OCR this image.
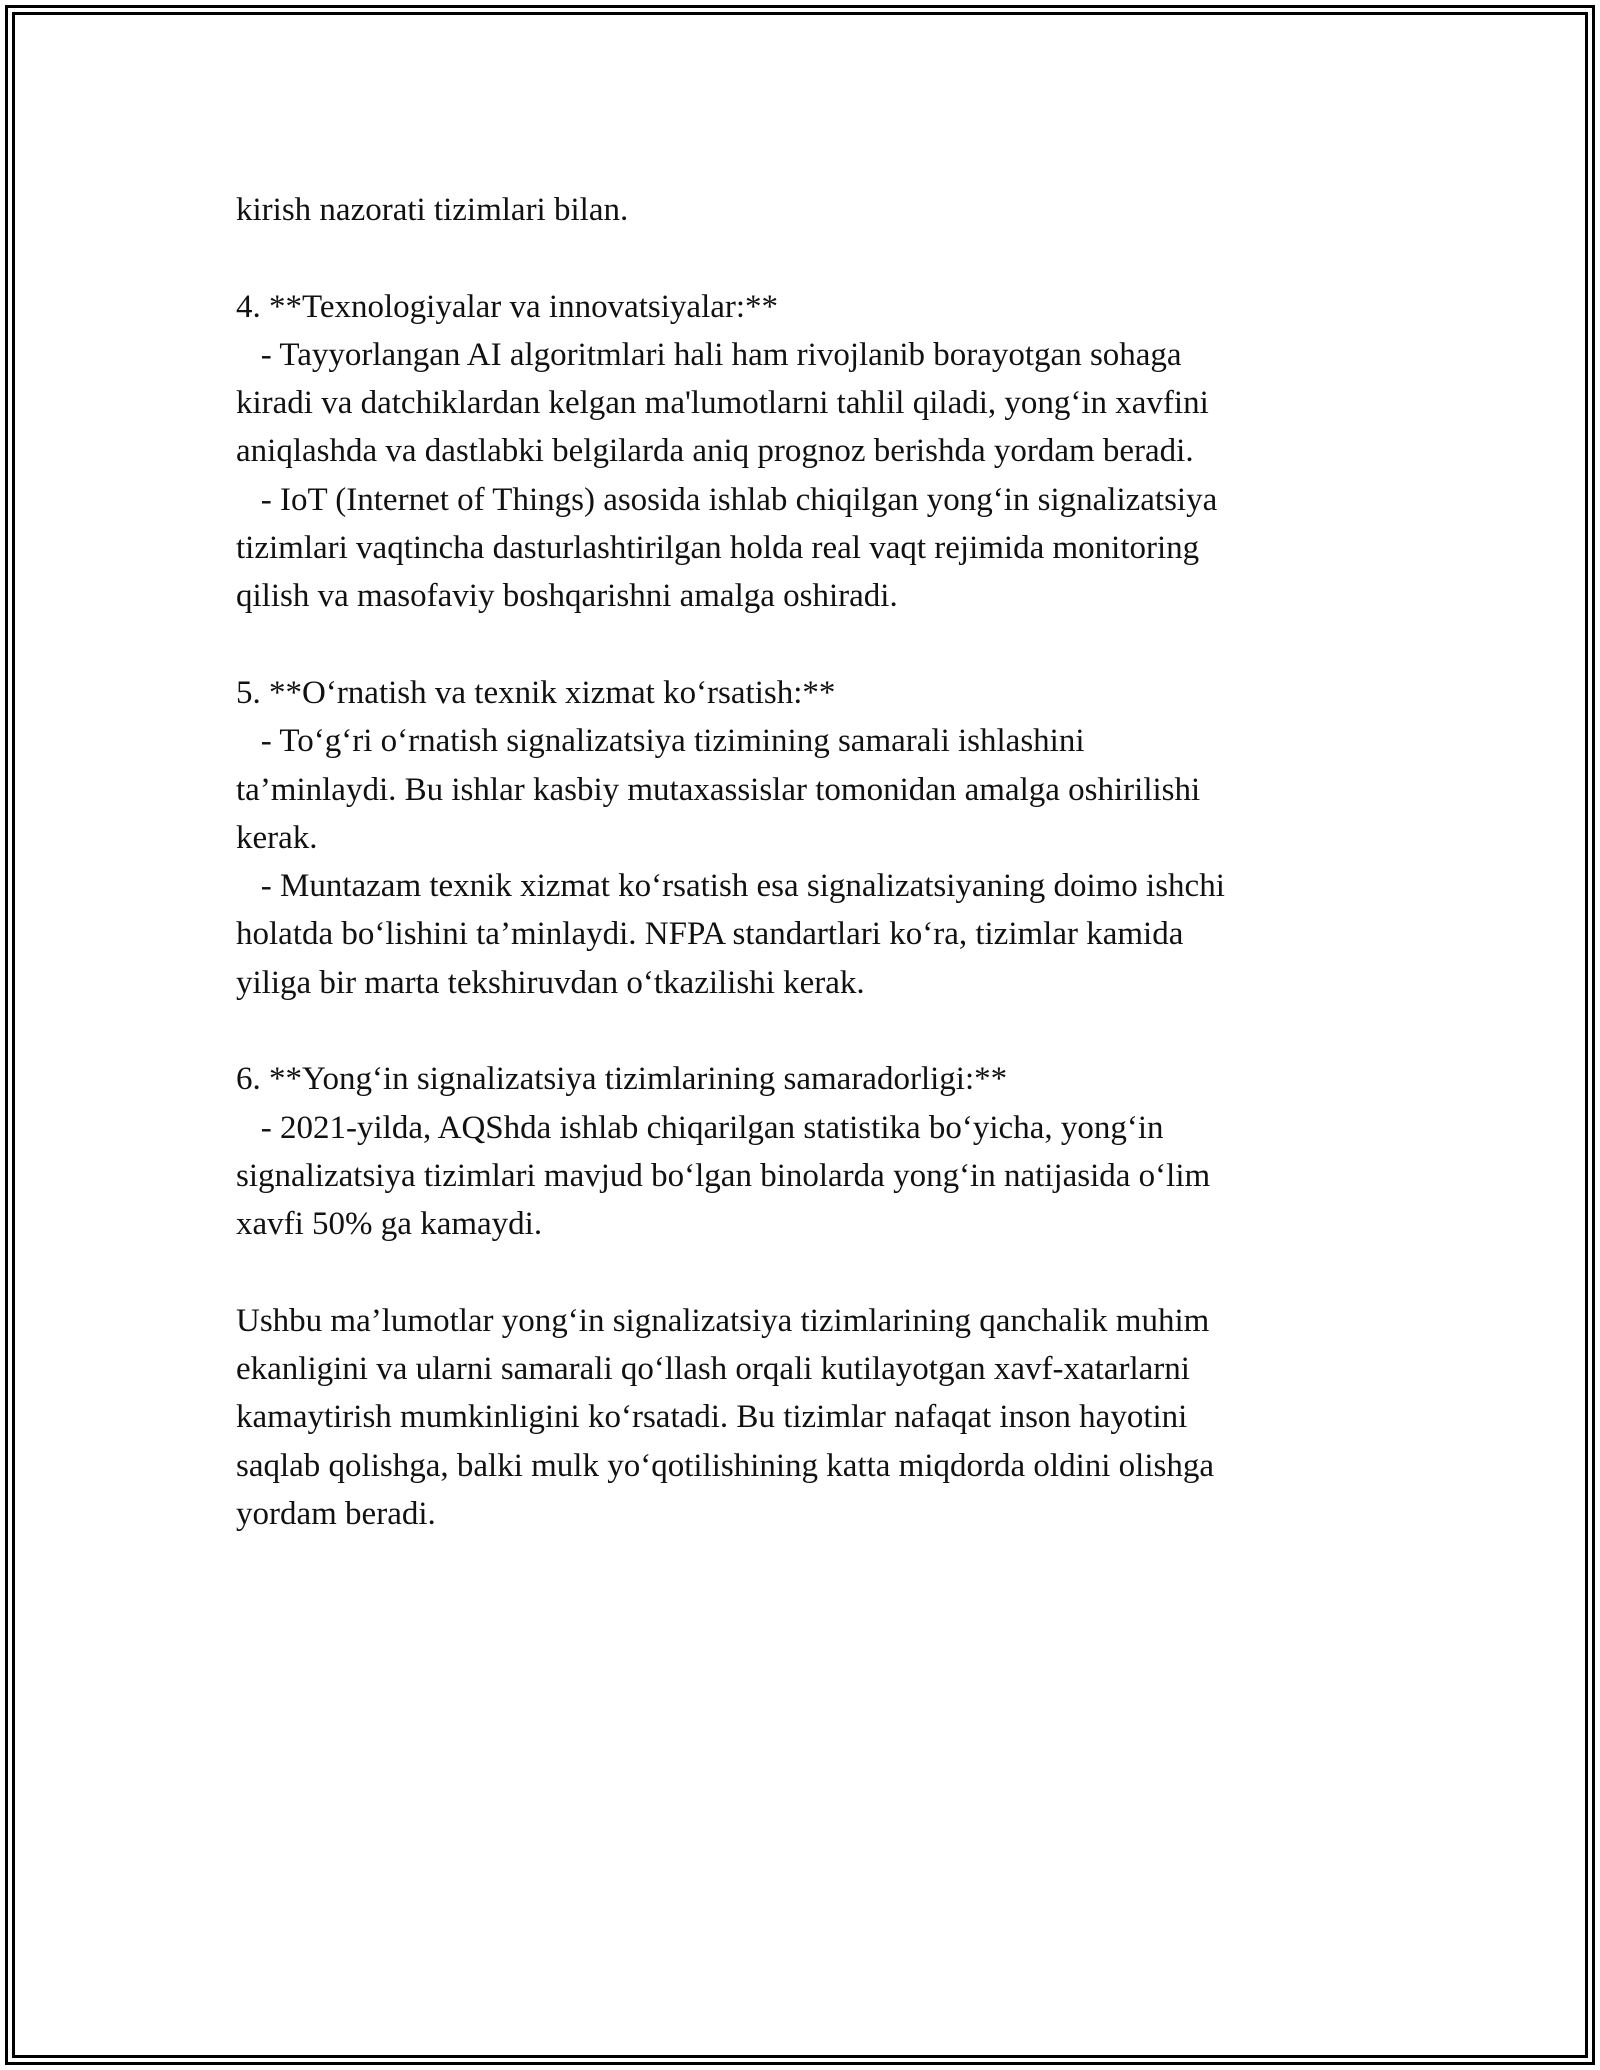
kirish nazorati tizimlari bilan.
4. **Texnologiyalar va innovatsiyalar:**
- Tayyorlangan AI algoritmlari hali ham rivojlanib borayotgan sohaga
kiradi va datchiklardan kelgan ma'lumotlarni tahlil qiladi, yong‘in xavfini
aniqlashda va dastlabki belgilarda aniq prognoz berishda yordam beradi.
- IoT (Internet of Things) asosida ishlab chiqilgan yong‘in signalizatsiya
tizimlari vaqtincha dasturlashtirilgan holda real vaqt rejimida monitoring
qilish va masofaviy boshqarishni amalga oshiradi.
5. **O‘rnatish va texnik xizmat ko‘rsatish:**
- To‘g‘ri o‘rnatish signalizatsiya tizimining samarali ishlashini
ta’minlaydi. Bu ishlar kasbiy mutaxassislar tomonidan amalga oshirilishi
kerak.
- Muntazam texnik xizmat ko‘rsatish esa signalizatsiyaning doimo ishchi
holatda bo‘lishini ta’minlaydi. NFPA standartlari ko‘ra, tizimlar kamida
yiliga bir marta tekshiruvdan o‘tkazilishi kerak.
6. **Yong‘in signalizatsiya tizimlarining samaradorligi:**
- 2021-yilda, AQShda ishlab chiqarilgan statistika bo‘yicha, yong‘in
signalizatsiya tizimlari mavjud bo‘lgan binolarda yong‘in natijasida o‘lim
xavfi 50% ga kamaydi.
Ushbu ma’lumotlar yong‘in signalizatsiya tizimlarining qanchalik muhim
ekanligini va ularni samarali qo‘llash orqali kutilayotgan xavf-xatarlarni
kamaytirish mumkinligini ko‘rsatadi. Bu tizimlar nafaqat inson hayotini
saqlab qolishga, balki mulk yo‘qotilishining katta miqdorda oldini olishga
yordam beradi.
